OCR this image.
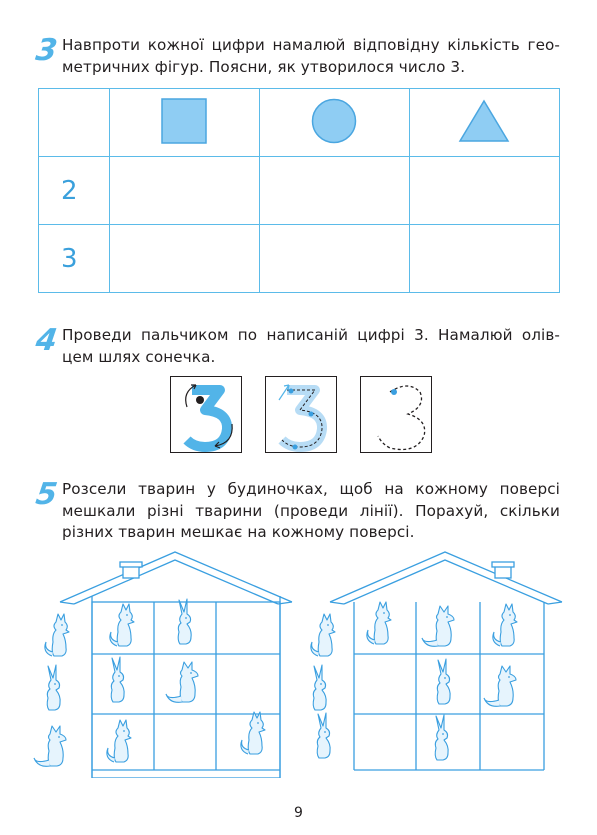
3 Навпроти кожної цифри намалюй відповідну кількість гео-
метричних фігур. Поясни, як утворилося число 3.

2			
3			
4 Проведи пальчиком по написаній цифрі 3. Намалюй олів-
цем шлях сонечка.

5 Розсели тварин у будиночках, щоб на кожному поверсі
мешкали різні тварини (проведи лінії). Порахуй, скільки
різних тварин мешкає на кожному поверсі.

9
